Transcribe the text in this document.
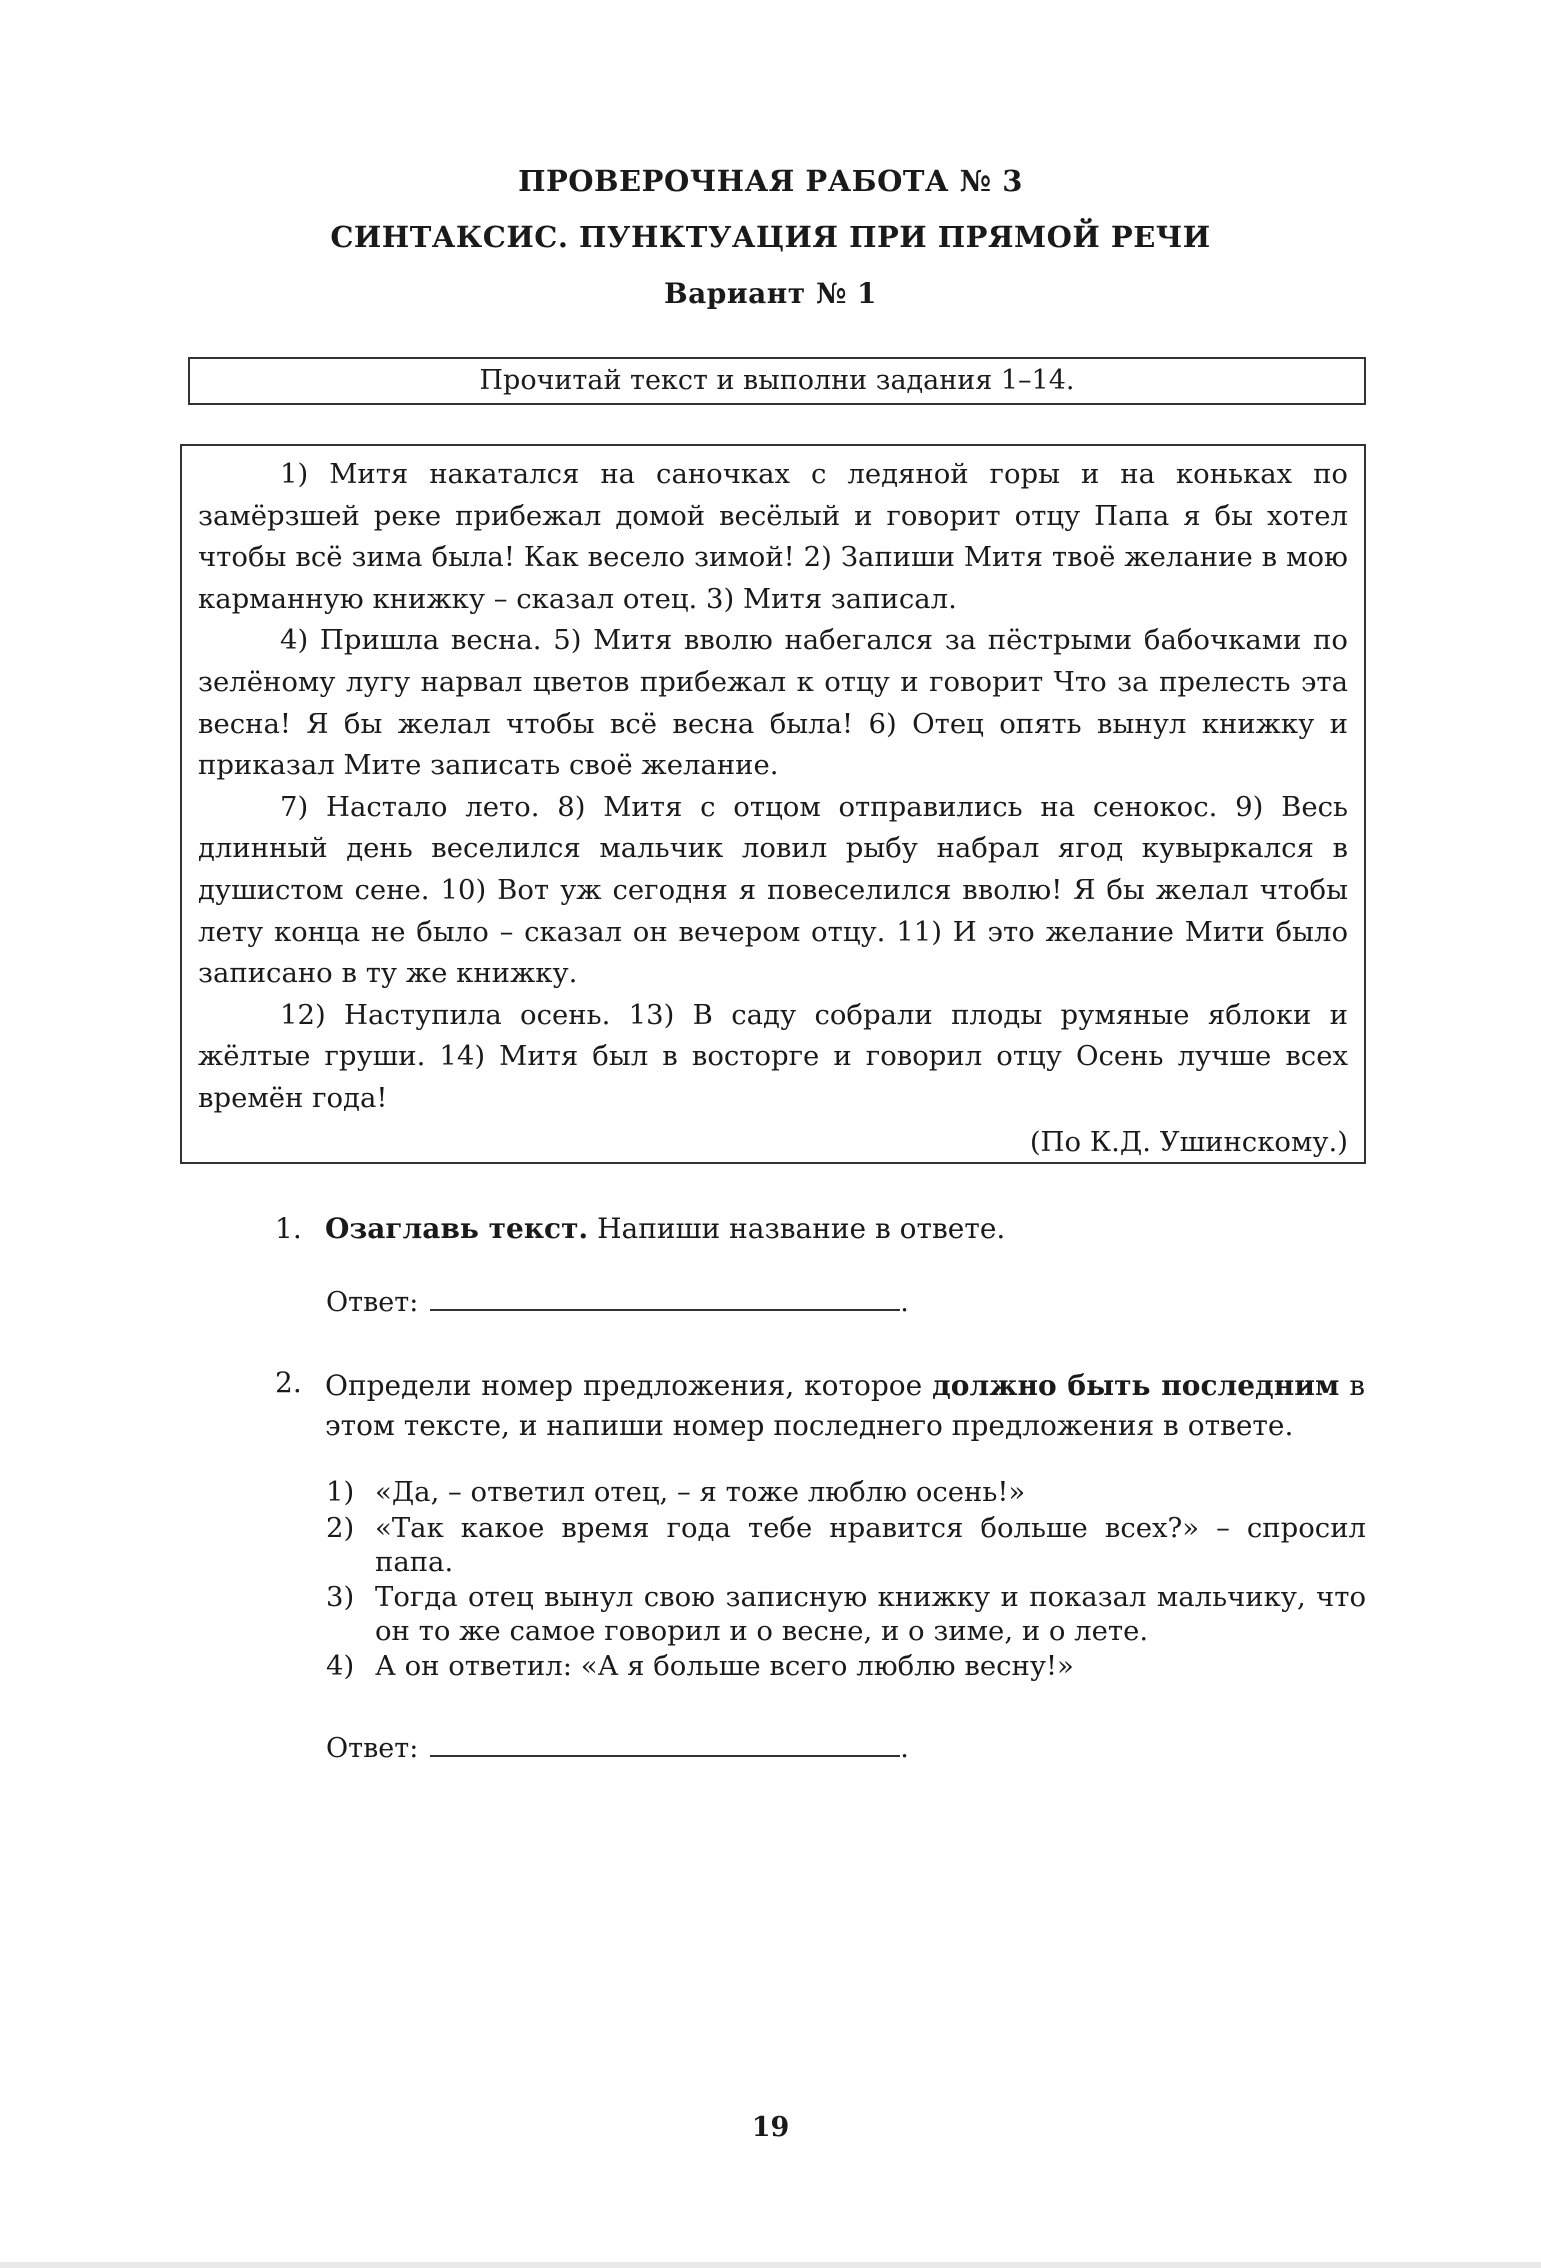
ПРОВЕРОЧНАЯ РАБОТА № 3
СИНТАКСИС. ПУНКТУАЦИЯ ПРИ ПРЯМОЙ РЕЧИ
Вариант № 1
Прочитай текст и выполни задания 1–14.

1) Митя накатался на саночках с ледяной горы и на коньках по замёрзшей реке прибежал домой весёлый и говорит отцу Папа я бы хотел чтобы всё зима была! Как весело зимой! 2) Запиши Митя твоё желание в мою карманную книжку – сказал отец. 3) Митя записал.

4) Пришла весна. 5) Митя вволю набегался за пёстрыми бабочками по зелёному лугу нарвал цветов прибежал к отцу и говорит Что за прелесть эта весна! Я бы желал чтобы всё весна была! 6) Отец опять вынул книжку и приказал Мите записать своё желание.

7) Настало лето. 8) Митя с отцом отправились на сенокос. 9) Весь длинный день веселился мальчик ловил рыбу набрал ягод кувыркался в душистом сене. 10) Вот уж сегодня я повеселился вволю! Я бы желал чтобы лету конца не было – сказал он вечером отцу. 11) И это желание Мити было записано в ту же книжку.

12) Наступила осень. 13) В саду собрали плоды румяные яблоки и жёлтые груши. 14) Митя был в восторге и говорил отцу Осень лучше всех времён года!

(По К.Д. Ушинскому.)

1. Озаглавь текст. Напиши название в ответе.
Ответ:	.
2. Определи номер предложения, которое должно быть последним в этом тексте, и напиши номер последнего предложения в ответе.
1) «Да, – ответил отец, – я тоже люблю осень!»
2) «Так какое время года тебе нравится больше всех?» – спросил папа.
3) Тогда отец вынул свою записную книжку и показал мальчику, что он то же самое говорил и о весне, и о зиме, и о лете.
4) А он ответил: «А я больше всего люблю весну!»
Ответ:	.
19
